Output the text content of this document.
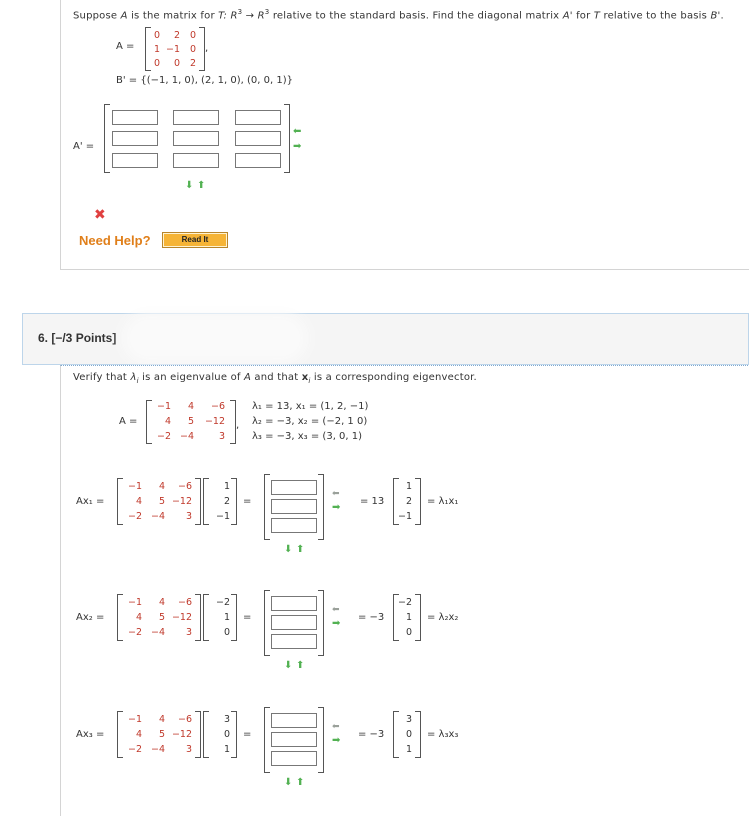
Suppose A is the matrix for T: $R^3 \to R^3$ relative to the standard basis. Find the diagonal matrix A' for T relative to the basis B'.
A =
0	2	0
1 −1	0
0	0	2
,
B' = {(−1, 1, 0), (2, 1, 0), (0, 0, 1)}
A' =
⬅
➡
⬇ ⬆
✖
Need Help?	Read It
6. [−/3 Points]
Verify that $\lambda_i$ is an eigenvalue of A and that $x_i$ is a corresponding eigenvector.
A =
−1	4	−6
4	5	−12
−2 −4	3
,
λ₁ = 13, x₁ = (1, 2, −1)
λ₂ = −3, x₂ = (−2, 1 0)
λ₃ = −3, x₃ = (3, 0, 1)
Ax₁ =
−1	4	−6
4	5 −12
−2 −4	3
1
2
−1
=
⬅
➡
⬇ ⬆
= 13
1
2
−1
= λ₁x₁
Ax₂ =
−1	4	−6
4	5 −12
−2 −4	3
−2
1
0
=
⬅
➡
⬇ ⬆
= −3
−2
1
0
= λ₂x₂
Ax₃ =
−1	4	−6
4	5 −12
−2 −4	3
3
0
1
=
⬅
➡
⬇ ⬆
= −3
3
0
1
= λ₃x₃
